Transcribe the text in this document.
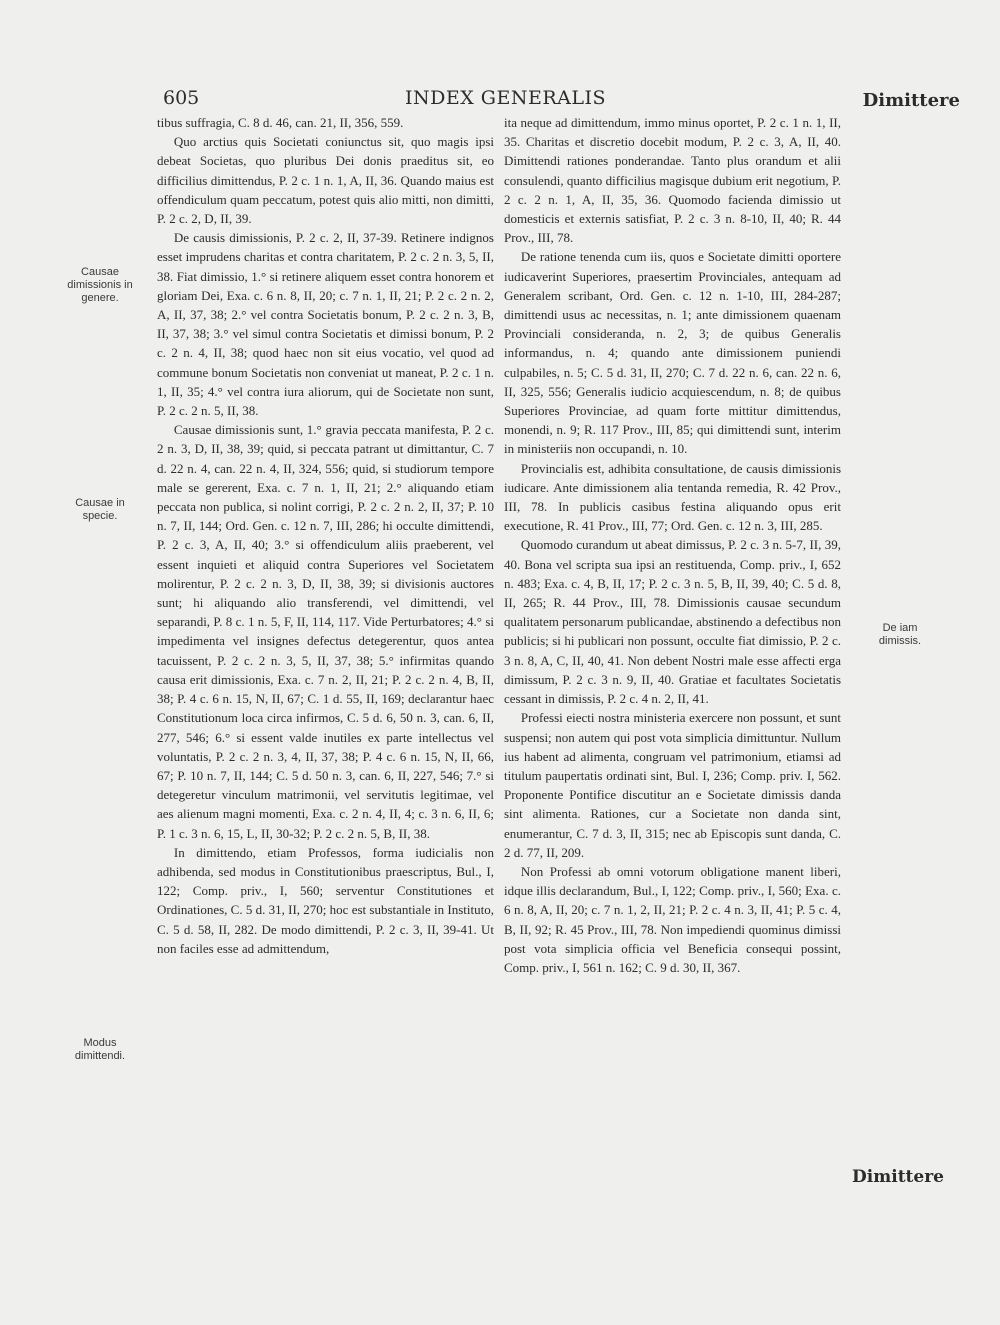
605	INDEX GENERALIS	Dimittere
Causae dimissionis in genere.
Causae in specie.
Modus dimittendi.
De iam dimissis.

tibus suffragia, C. 8 d. 46, can. 21, II, 356, 559.

Quo arctius quis Societati coniunctus sit, quo magis ipsi debeat Societas, quo pluribus Dei donis praeditus sit, eo difficilius dimittendus, P. 2 c. 1 n. 1, A, II, 36. Quando maius est offendiculum quam peccatum, potest quis alio mitti, non dimitti, P. 2 c. 2, D, II, 39.

De causis dimissionis, P. 2 c. 2, II, 37-39. Retinere indignos esset imprudens charitas et contra charitatem, P. 2 c. 2 n. 3, 5, II, 38. Fiat dimissio, 1.° si retinere aliquem esset contra honorem et gloriam Dei, Exa. c. 6 n. 8, II, 20; c. 7 n. 1, II, 21; P. 2 c. 2 n. 2, A, II, 37, 38; 2.° vel contra Societatis bonum, P. 2 c. 2 n. 3, B, II, 37, 38; 3.° vel simul contra Societatis et dimissi bonum, P. 2 c. 2 n. 4, II, 38; quod haec non sit eius vocatio, vel quod ad commune bonum Societatis non conveniat ut maneat, P. 2 c. 1 n. 1, II, 35; 4.° vel contra iura aliorum, qui de Societate non sunt, P. 2 c. 2 n. 5, II, 38.

Causae dimissionis sunt, 1.° gravia peccata manifesta, P. 2 c. 2 n. 3, D, II, 38, 39; quid, si peccata patrant ut dimittantur, C. 7 d. 22 n. 4, can. 22 n. 4, II, 324, 556; quid, si studiorum tempore male se gererent, Exa. c. 7 n. 1, II, 21; 2.° aliquando etiam peccata non publica, si nolint corrigi, P. 2 c. 2 n. 2, II, 37; P. 10 n. 7, II, 144; Ord. Gen. c. 12 n. 7, III, 286; hi occulte dimittendi, P. 2 c. 3, A, II, 40; 3.° si offendiculum aliis praeberent, vel essent inquieti et aliquid contra Superiores vel Societatem molirentur, P. 2 c. 2 n. 3, D, II, 38, 39; si divisionis auctores sunt; hi aliquando alio transferendi, vel dimittendi, vel separandi, P. 8 c. 1 n. 5, F, II, 114, 117. Vide Perturbatores; 4.° si impedimenta vel insignes defectus detegerentur, quos antea tacuissent, P. 2 c. 2 n. 3, 5, II, 37, 38; 5.° infirmitas quando causa erit dimissionis, Exa. c. 7 n. 2, II, 21; P. 2 c. 2 n. 4, B, II, 38; P. 4 c. 6 n. 15, N, II, 67; C. 1 d. 55, II, 169; declarantur haec Constitutionum loca circa infirmos, C. 5 d. 6, 50 n. 3, can. 6, II, 277, 546; 6.° si essent valde inutiles ex parte intellectus vel voluntatis, P. 2 c. 2 n. 3, 4, II, 37, 38; P. 4 c. 6 n. 15, N, II, 66, 67; P. 10 n. 7, II, 144; C. 5 d. 50 n. 3, can. 6, II, 227, 546; 7.° si detegeretur vinculum matrimonii, vel servitutis legitimae, vel aes alienum magni momenti, Exa. c. 2 n. 4, II, 4; c. 3 n. 6, II, 6; P. 1 c. 3 n. 6, 15, L, II, 30-32; P. 2 c. 2 n. 5, B, II, 38.

In dimittendo, etiam Professos, forma iudicialis non adhibenda, sed modus in Constitutionibus praescriptus, Bul., I, 122; Comp. priv., I, 560; serventur Constitutiones et Ordinationes, C. 5 d. 31, II, 270; hoc est substantiale in Instituto, C. 5 d. 58, II, 282. De modo dimittendi, P. 2 c. 3, II, 39-41. Ut non faciles esse ad admittendum,

ita neque ad dimittendum, immo minus oportet, P. 2 c. 1 n. 1, II, 35. Charitas et discretio docebit modum, P. 2 c. 3, A, II, 40. Dimittendi rationes ponderandae. Tanto plus orandum et alii consulendi, quanto difficilius magisque dubium erit negotium, P. 2 c. 2 n. 1, A, II, 35, 36. Quomodo facienda dimissio ut domesticis et externis satisfiat, P. 2 c. 3 n. 8-10, II, 40; R. 44 Prov., III, 78.

De ratione tenenda cum iis, quos e Societate dimitti oportere iudicaverint Superiores, praesertim Provinciales, antequam ad Generalem scribant, Ord. Gen. c. 12 n. 1-10, III, 284-287; dimittendi usus ac necessitas, n. 1; ante dimissionem quaenam Provinciali consideranda, n. 2, 3; de quibus Generalis informandus, n. 4; quando ante dimissionem puniendi culpabiles, n. 5; C. 5 d. 31, II, 270; C. 7 d. 22 n. 6, can. 22 n. 6, II, 325, 556; Generalis iudicio acquiescendum, n. 8; de quibus Superiores Provinciae, ad quam forte mittitur dimittendus, monendi, n. 9; R. 117 Prov., III, 85; qui dimittendi sunt, interim in ministeriis non occupandi, n. 10.

Provincialis est, adhibita consultatione, de causis dimissionis iudicare. Ante dimissionem alia tentanda remedia, R. 42 Prov., III, 78. In publicis casibus festina aliquando opus erit executione, R. 41 Prov., III, 77; Ord. Gen. c. 12 n. 3, III, 285.

Quomodo curandum ut abeat dimissus, P. 2 c. 3 n. 5-7, II, 39, 40. Bona vel scripta sua ipsi an restituenda, Comp. priv., I, 652 n. 483; Exa. c. 4, B, II, 17; P. 2 c. 3 n. 5, B, II, 39, 40; C. 5 d. 8, II, 265; R. 44 Prov., III, 78. Dimissionis causae secundum qualitatem personarum publicandae, abstinendo a defectibus non publicis; si hi publicari non possunt, occulte fiat dimissio, P. 2 c. 3 n. 8, A, C, II, 40, 41. Non debent Nostri male esse affecti erga dimissum, P. 2 c. 3 n. 9, II, 40. Gratiae et facultates Societatis cessant in dimissis, P. 2 c. 4 n. 2, II, 41.

Professi eiecti nostra ministeria exercere non possunt, et sunt suspensi; non autem qui post vota simplicia dimittuntur. Nullum ius habent ad alimenta, congruam vel patrimonium, etiamsi ad titulum paupertatis ordinati sint, Bul. I, 236; Comp. priv. I, 562. Proponente Pontifice discutitur an e Societate dimissis danda sint alimenta. Rationes, cur a Societate non danda sint, enumerantur, C. 7 d. 3, II, 315; nec ab Episcopis sunt danda, C. 2 d. 77, II, 209.

Non Professi ab omni votorum obligatione manent liberi, idque illis declarandum, Bul., I, 122; Comp. priv., I, 560; Exa. c. 6 n. 8, A, II, 20; c. 7 n. 1, 2, II, 21; P. 2 c. 4 n. 3, II, 41; P. 5 c. 4, B, II, 92; R. 45 Prov., III, 78. Non impediendi quominus dimissi post vota simplicia officia vel Beneficia consequi possint, Comp. priv., I, 561 n. 162; C. 9 d. 30, II, 367.

Dimittere
